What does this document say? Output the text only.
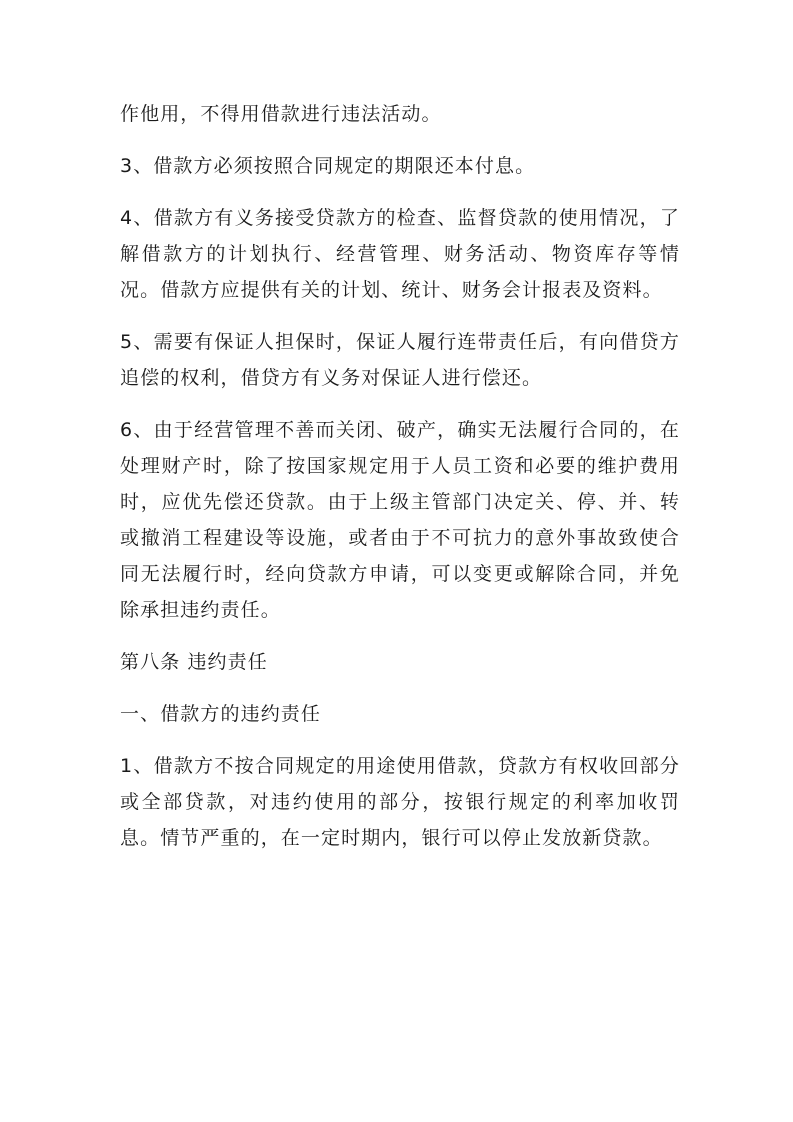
作他用，不得用借款进行违法活动。

3、借款方必须按照合同规定的期限还本付息。

4、借款方有义务接受贷款方的检查、监督贷款的使用情况，了解借款方的计划执行、经营管理、财务活动、物资库存等情况。借款方应提供有关的计划、统计、财务会计报表及资料。

5、需要有保证人担保时，保证人履行连带责任后，有向借贷方追偿的权利，借贷方有义务对保证人进行偿还。

6、由于经营管理不善而关闭、破产，确实无法履行合同的，在处理财产时，除了按国家规定用于人员工资和必要的维护费用时，应优先偿还贷款。由于上级主管部门决定关、停、并、转或撤消工程建设等设施，或者由于不可抗力的意外事故致使合同无法履行时，经向贷款方申请，可以变更或解除合同，并免除承担违约责任。

第八条 违约责任

一、借款方的违约责任

1、借款方不按合同规定的用途使用借款，贷款方有权收回部分或全部贷款，对违约使用的部分，按银行规定的利率加收罚息。情节严重的，在一定时期内，银行可以停止发放新贷款。
